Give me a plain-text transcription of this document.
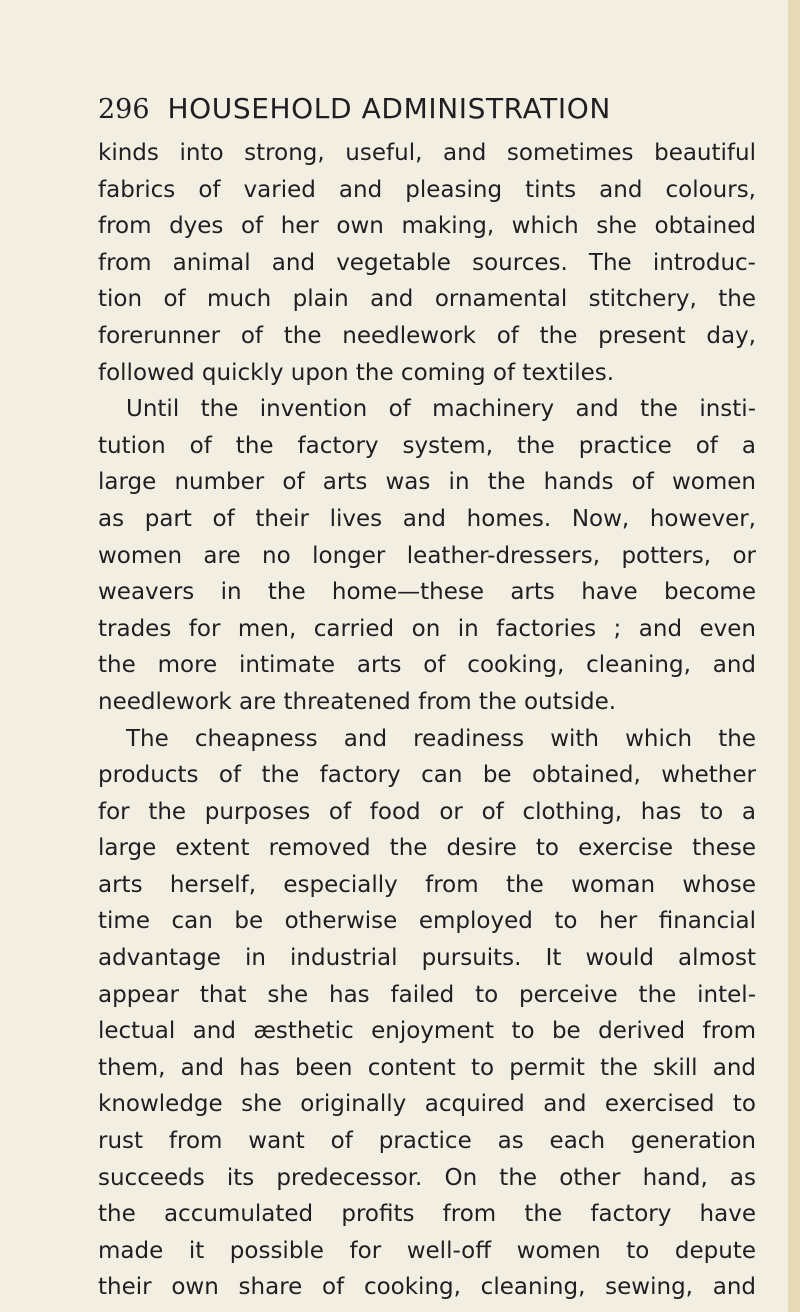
296 HOUSEHOLD ADMINISTRATION
kinds into strong, useful, and sometimes beautiful
fabrics of varied and pleasing tints and colours,
from dyes of her own making, which she obtained
from animal and vegetable sources. The introduc-
tion of much plain and ornamental stitchery, the
forerunner of the needlework of the present day,
followed quickly upon the coming of textiles.
Until the invention of machinery and the insti-
tution of the factory system, the practice of a
large number of arts was in the hands of women
as part of their lives and homes. Now, however,
women are no longer leather-dressers, potters, or
weavers in the home—these arts have become
trades for men, carried on in factories ; and even
the more intimate arts of cooking, cleaning, and
needlework are threatened from the outside.
The cheapness and readiness with which the
products of the factory can be obtained, whether
for the purposes of food or of clothing, has to a
large extent removed the desire to exercise these
arts herself, especially from the woman whose
time can be otherwise employed to her financial
advantage in industrial pursuits. It would almost
appear that she has failed to perceive the intel-
lectual and æsthetic enjoyment to be derived from
them, and has been content to permit the skill and
knowledge she originally acquired and exercised to
rust from want of practice as each generation
succeeds its predecessor. On the other hand, as
the accumulated profits from the factory have
made it possible for well-off women to depute
their own share of cooking, cleaning, sewing, and
